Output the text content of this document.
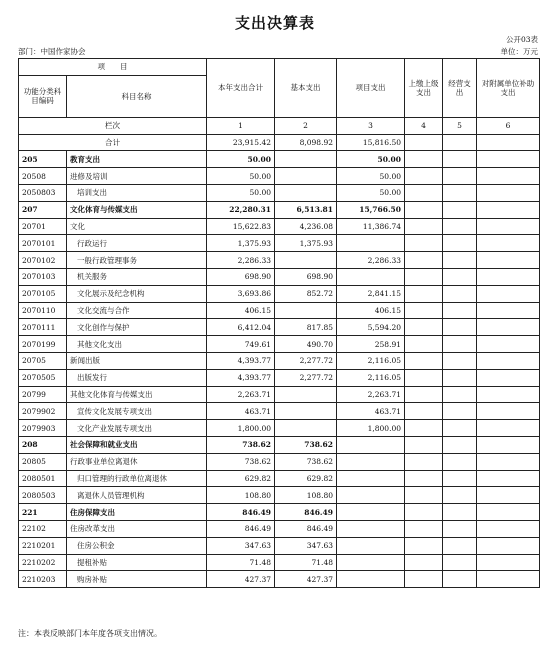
支出决算表
公开03表
部门：中国作家协会	单位：万元
项　　目		本年支出合计	基本支出	项目支出	上缴上级支出	经营支出	对附属单位补助支出
功能分类科目编码	科目名称						
栏次		1	2	3	4	5	6
合计		23,915.42	8,098.92	15,816.50			
205	教育支出	50.00		50.00			
20508	进修及培训	50.00		50.00			
2050803	培训支出	50.00		50.00			
207	文化体育与传媒支出	22,280.31	6,513.81	15,766.50			
20701	文化	15,622.83	4,236.08	11,386.74			
2070101	行政运行	1,375.93	1,375.93				
2070102	一般行政管理事务	2,286.33		2,286.33			
2070103	机关服务	698.90	698.90				
2070105	文化展示及纪念机构	3,693.86	852.72	2,841.15			
2070110	文化交流与合作	406.15		406.15			
2070111	文化创作与保护	6,412.04	817.85	5,594.20			
2070199	其他文化支出	749.61	490.70	258.91			
20705	新闻出版	4,393.77	2,277.72	2,116.05			
2070505	出版发行	4,393.77	2,277.72	2,116.05			
20799	其他文化体育与传媒支出	2,263.71		2,263.71			
2079902	宣传文化发展专项支出	463.71		463.71			
2079903	文化产业发展专项支出	1,800.00		1,800.00			
208	社会保障和就业支出	738.62	738.62				
20805	行政事业单位离退休	738.62	738.62				
2080501	归口管理的行政单位离退休	629.82	629.82				
2080503	离退休人员管理机构	108.80	108.80				
221	住房保障支出	846.49	846.49				
22102	住房改革支出	846.49	846.49				
2210201	住房公积金	347.63	347.63				
2210202	提租补贴	71.48	71.48				
2210203	购房补贴	427.37	427.37				
注：本表反映部门本年度各项支出情况。
